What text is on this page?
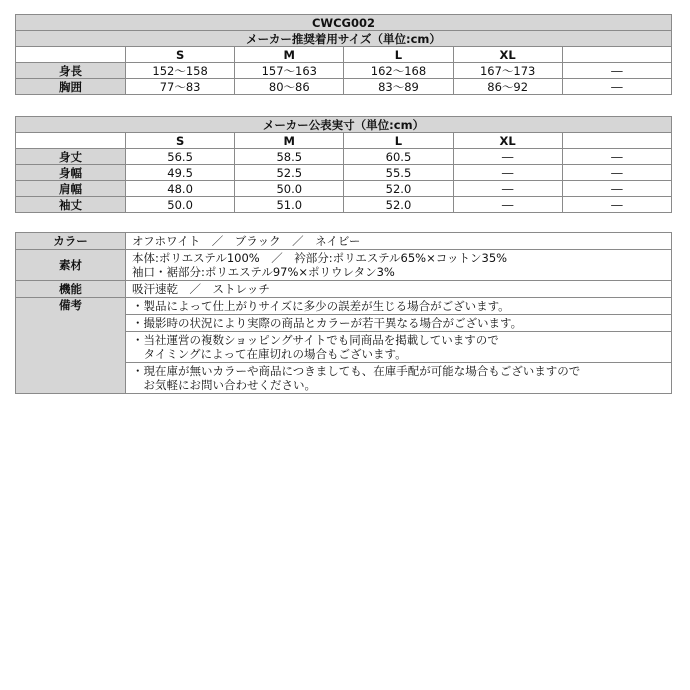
CWCG002					
メーカー推奨着用サイズ（単位:cm）					
	S	M	L	XL	
身長	152～158	157～163	162～168	167～173	―
胸囲	77～83	80～86	83～89	86～92	―
メーカー公表実寸（単位:cm）					
	S	M	L	XL	
身丈	56.5	58.5	60.5	―	―
身幅	49.5	52.5	55.5	―	―
肩幅	48.0	50.0	52.0	―	―
袖丈	50.0	51.0	52.0	―	―
カラー	オフホワイト　／　ブラック　／　ネイビー
素材	本体:ポリエステル100%　／　衿部分:ポリエステル65%×コットン35%
袖口・裾部分:ポリエステル97%×ポリウレタン3%

機能	吸汗速乾　／　ストレッチ
備考	・製品によって仕上がりサイズに多少の誤差が生じる場合がございます。
	・撮影時の状況により実際の商品とカラーが若干異なる場合がございます。

	・当社運営の複数ショッピングサイトでも同商品を掲載していますので
　タイミングによって在庫切れの場合もございます。

	・現在庫が無いカラーや商品につきましても、在庫手配が可能な場合もございますので
　お気軽にお問い合わせください。
